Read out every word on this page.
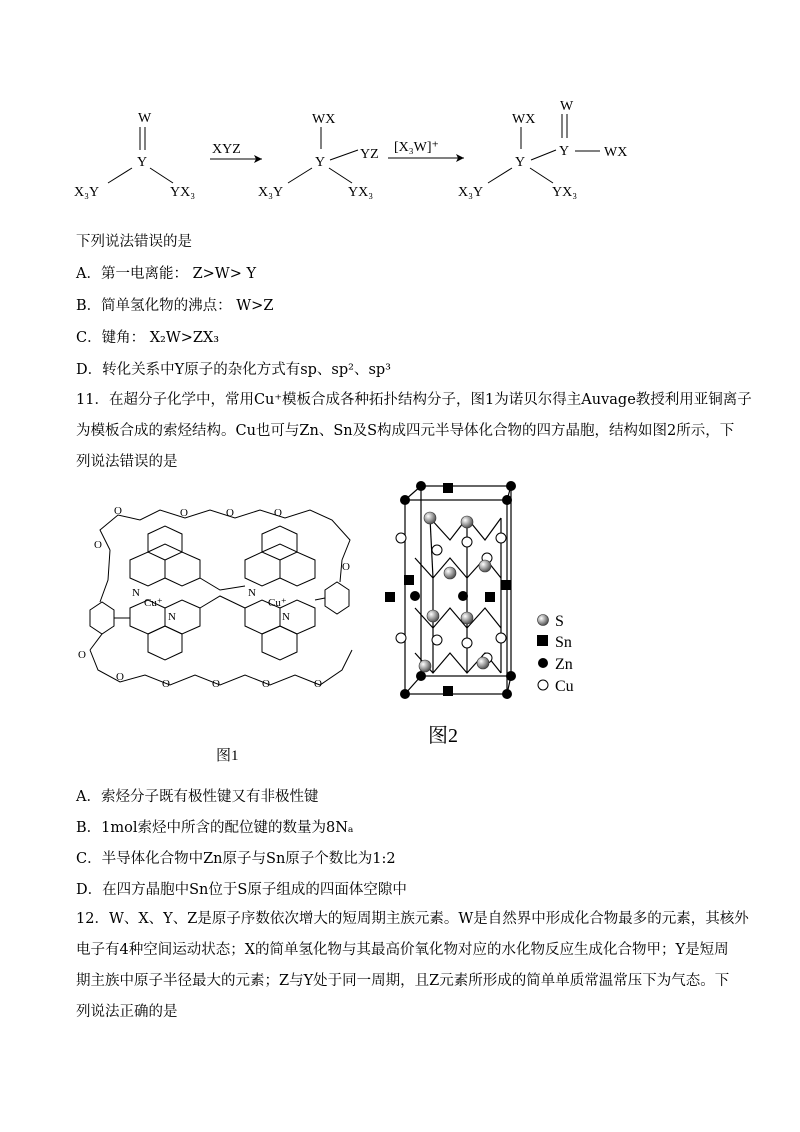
W
Y
X₃Y	YX₃
XYZ
WX
Y
YZ
X₃Y	YX₃
[X₃W]⁺
WX
Y
W
Y WX
X₃Y	YX₃
下列说法错误的是
A．第一电离能： Z>W> Y
B．简单氢化物的沸点： W>Z
C．键角： X₂W>ZX₃
D．转化关系中Y原子的杂化方式有sp、sp²、sp³
11．在超分子化学中，常用Cu⁺模板合成各种拓扑结构分子，图1为诺贝尔得主Auvage教授利用亚铜离子
为模板合成的索烃结构。Cu也可与Zn、Sn及S构成四元半导体化合物的四方晶胞，结构如图2所示，下
列说法错误的是
O	O	O	O
O
O
O
O
O	O	O	O
N
N
N
N
Cu⁺	Cu⁺
图1
S
Sn
Zn
Cu
图2
A．索烃分子既有极性键又有非极性键
B．1mol索烃中所含的配位键的数量为8Nₐ
C．半导体化合物中Zn原子与Sn原子个数比为1:2
D．在四方晶胞中Sn位于S原子组成的四面体空隙中
12．W、X、Y、Z是原子序数依次增大的短周期主族元素。W是自然界中形成化合物最多的元素，其核外
电子有4种空间运动状态；X的简单氢化物与其最高价氧化物对应的水化物反应生成化合物甲；Y是短周
期主族中原子半径最大的元素；Z与Y处于同一周期，且Z元素所形成的简单单质常温常压下为气态。下
列说法正确的是
